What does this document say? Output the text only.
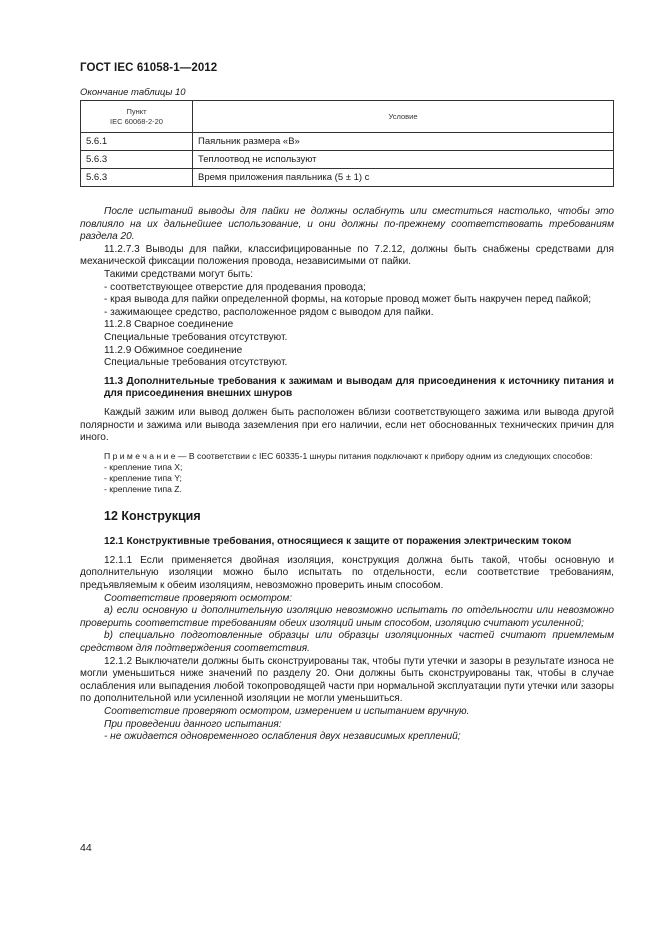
ГОСТ IEC 61058-1—2012
Окончание таблицы 10
Пункт
IEC 60068-2-20	Условие
5.6.1	Паяльник размера «B»
5.6.3	Теплоотвод не используют
5.6.3	Время приложения паяльника (5 ± 1) с

После испытаний выводы для пайки не должны ослабнуть или сместиться настолько, чтобы это повлияло на их дальнейшее использование, и они должны по-прежнему соответствовать требованиям раздела 20.

11.2.7.3 Выводы для пайки, классифицированные по 7.2.12, должны быть снабжены средствами для механической фиксации положения провода, независимыми от пайки.

Такими средствами могут быть:

- соответствующее отверстие для продевания провода;

- края вывода для пайки определенной формы, на которые провод может быть накручен перед пайкой;

- зажимающее средство, расположенное рядом с выводом для пайки.

11.2.8 Сварное соединение

Специальные требования отсутствуют.

11.2.9 Обжимное соединение

Специальные требования отсутствуют.

11.3 Дополнительные требования к зажимам и выводам для присоединения к источнику питания и для присоединения внешних шнуров

Каждый зажим или вывод должен быть расположен вблизи соответствующего зажима или вывода другой полярности и зажима или вывода заземления при его наличии, если нет обоснованных технических причин для иного.

П р и м е ч а н и е — В соответствии с IEC 60335-1 шнуры питания подключают к прибору одним из следующих способов:

- крепление типа X;

- крепление типа Y;

- крепление типа Z.

12 Конструкция

12.1 Конструктивные требования, относящиеся к защите от поражения электрическим током

12.1.1 Если применяется двойная изоляция, конструкция должна быть такой, чтобы основную и дополнительную изоляции можно было испытать по отдельности, если соответствие требованиям, предъявляемым к обеим изоляциям, невозможно проверить иным способом.

Соответствие проверяют осмотром:

а) если основную и дополнительную изоляцию невозможно испытать по отдельности или невозможно проверить соответствие требованиям обеих изоляций иным способом, изоляцию считают усиленной;

b) специально подготовленные образцы или образцы изоляционных частей считают приемлемым средством для подтверждения соответствия.

12.1.2 Выключатели должны быть сконструированы так, чтобы пути утечки и зазоры в результате износа не могли уменьшиться ниже значений по разделу 20. Они должны быть сконструированы так, чтобы в случае ослабления или выпадения любой токопроводящей части при нормальной эксплуатации пути утечки или зазоры по дополнительной или усиленной изоляции не могли уменьшиться.

Соответствие проверяют осмотром, измерением и испытанием вручную.

При проведении данного испытания:

- не ожидается одновременного ослабления двух независимых креплений;

44
